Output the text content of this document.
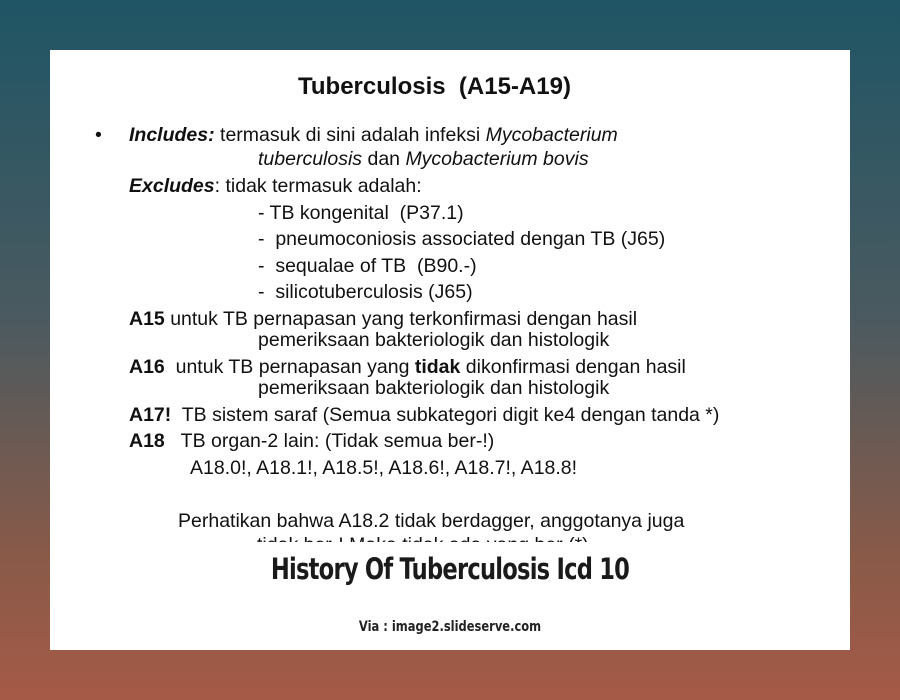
Tuberculosis  (A15-A19)
• Includes: termasuk di sini adalah infeksi Mycobacterium
tuberculosis dan Mycobacterium bovis
Excludes: tidak termasuk adalah:
- TB kongenital  (P37.1)
-  pneumoconiosis associated dengan TB (J65)
-  sequalae of TB  (B90.-)
-  silicotuberculosis (J65)
A15 untuk TB pernapasan yang terkonfirmasi dengan hasil
pemeriksaan bakteriologik dan histologik
A16  untuk TB pernapasan yang tidak dikonfirmasi dengan hasil
pemeriksaan bakteriologik dan histologik
A17!  TB sistem saraf (Semua subkategori digit ke4 dengan tanda *)
A18   TB organ-2 lain: (Tidak semua ber-!)
A18.0!, A18.1!, A18.5!, A18.6!, A18.7!, A18.8!
Perhatikan bahwa A18.2 tidak berdagger, anggotanya juga
History Of Tuberculosis Icd 10
Via : image2.slideserve.com
